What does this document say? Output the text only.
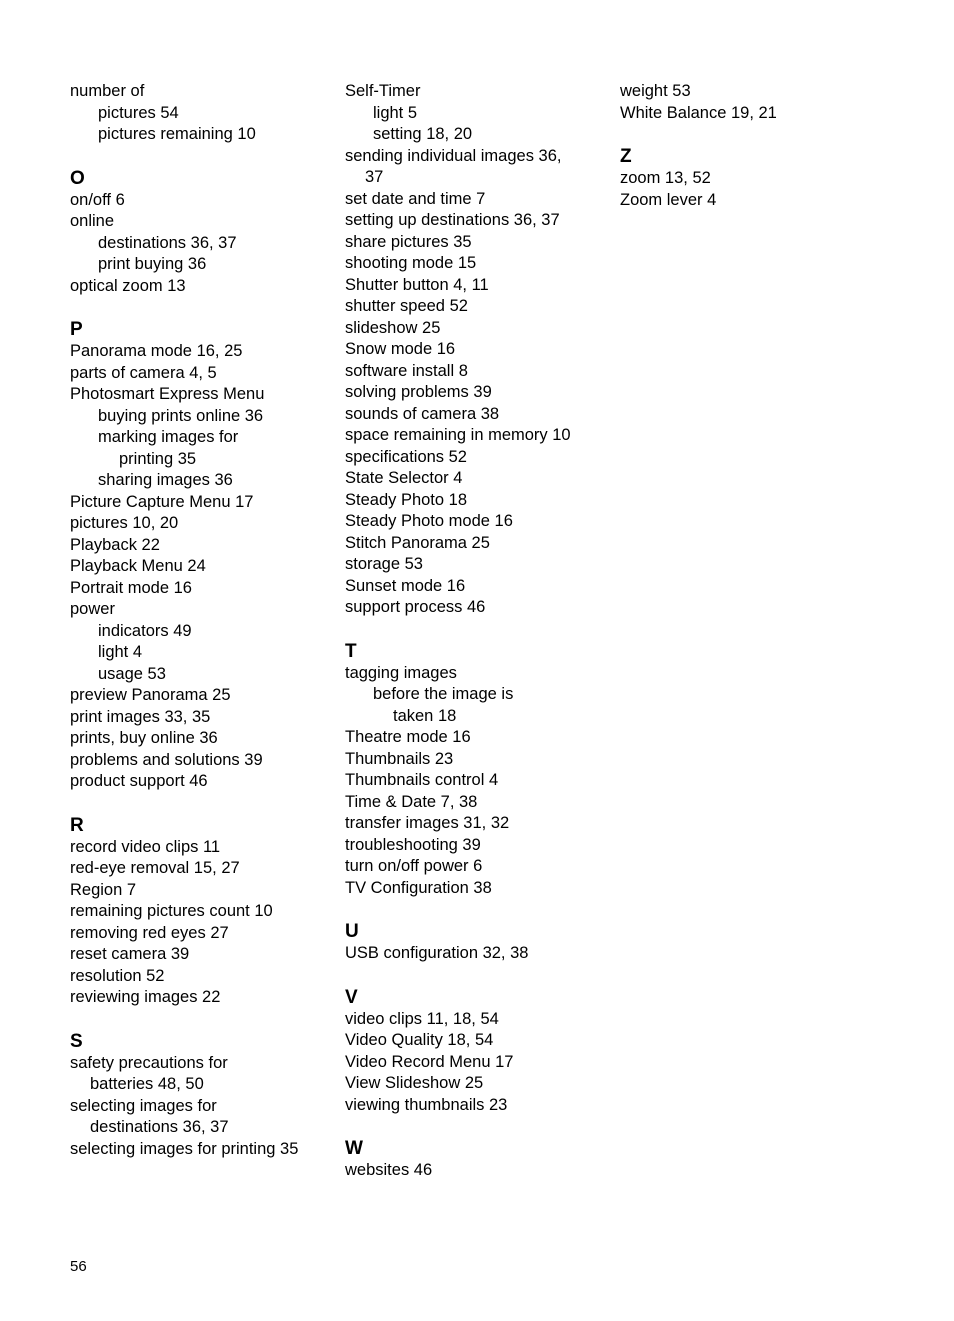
number of
pictures 54
pictures remaining 10
O
on/off 6
online
destinations 36, 37
print buying 36
optical zoom 13
P
Panorama mode 16, 25
parts of camera 4, 5
Photosmart Express Menu
buying prints online 36
marking images for
printing 35
sharing images 36
Picture Capture Menu 17
pictures 10, 20
Playback 22
Playback Menu 24
Portrait mode 16
power
indicators 49
light 4
usage 53
preview Panorama 25
print images 33, 35
prints, buy online 36
problems and solutions 39
product support 46
R
record video clips 11
red-eye removal 15, 27
Region 7
remaining pictures count 10
removing red eyes 27
reset camera 39
resolution 52
reviewing images 22
S
safety precautions for
batteries 48, 50
selecting images for
destinations 36, 37
selecting images for printing 35
Self-Timer
light 5
setting 18, 20
sending individual images 36,
37
set date and time 7
setting up destinations 36, 37
share pictures 35
shooting mode 15
Shutter button 4, 11
shutter speed 52
slideshow 25
Snow mode 16
software install 8
solving problems 39
sounds of camera 38
space remaining in memory 10
specifications 52
State Selector 4
Steady Photo 18
Steady Photo mode 16
Stitch Panorama 25
storage 53
Sunset mode 16
support process 46
T
tagging images
before the image is
taken 18
Theatre mode 16
Thumbnails 23
Thumbnails control 4
Time & Date 7, 38
transfer images 31, 32
troubleshooting 39
turn on/off power 6
TV Configuration 38
U
USB configuration 32, 38
V
video clips 11, 18, 54
Video Quality 18, 54
Video Record Menu 17
View Slideshow 25
viewing thumbnails 23
W
websites 46
weight 53
White Balance 19, 21
Z
zoom 13, 52
Zoom lever 4
56
